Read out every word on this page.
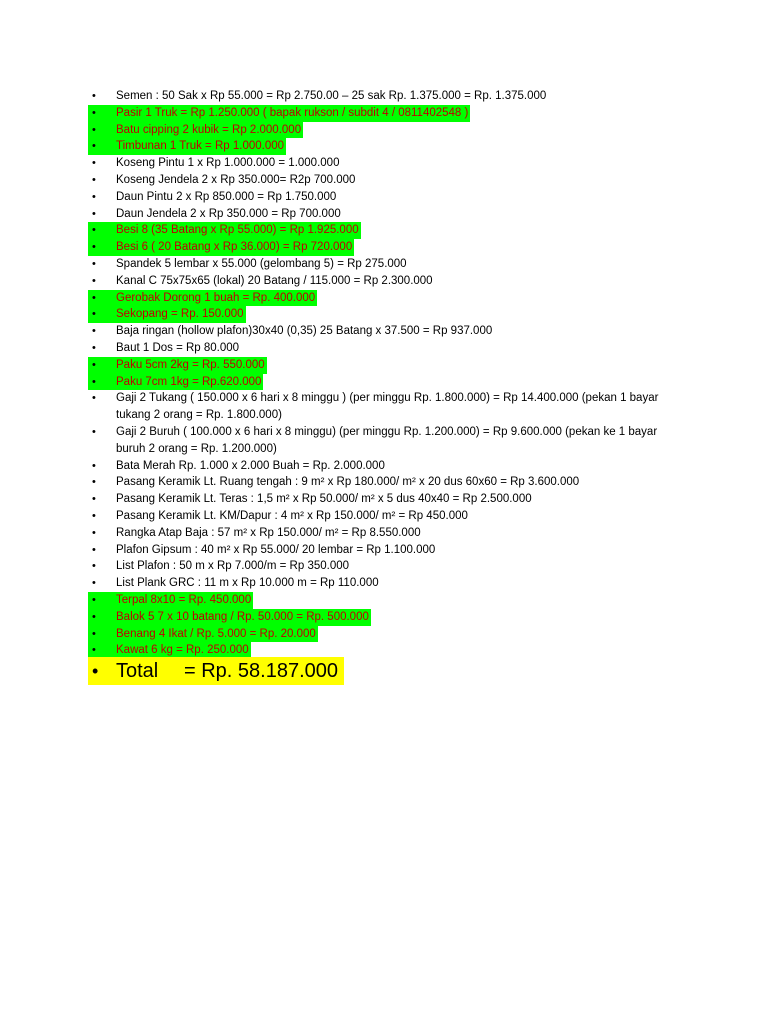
•	Semen : 50 Sak x Rp 55.000 = Rp 2.750.00 – 25 sak Rp. 1.375.000 = Rp. 1.375.000
•	Pasir 1 Truk = Rp 1.250.000 ( bapak rukson / subdit 4 / 0811402548 )
•	Batu cipping 2 kubik = Rp 2.000.000
•	Timbunan 1 Truk = Rp 1.000.000
•	Koseng Pintu 1 x Rp 1.000.000 = 1.000.000
•	Koseng Jendela 2 x Rp 350.000= R2p 700.000
•	Daun Pintu 2 x Rp 850.000 = Rp 1.750.000
•	Daun Jendela 2 x Rp 350.000 = Rp 700.000
•	Besi 8 (35 Batang x Rp 55.000) = Rp 1.925.000
•	Besi 6 ( 20 Batang x Rp 36.000) = Rp 720.000
•	Spandek 5 lembar x 55.000 (gelombang 5) = Rp 275.000
•	Kanal C 75x75x65 (lokal) 20 Batang / 115.000 = Rp 2.300.000
•	Gerobak Dorong 1 buah = Rp. 400.000
•	Sekopang = Rp. 150.000
•	Baja ringan (hollow plafon)30x40 (0,35) 25 Batang x 37.500 = Rp 937.000
•	Baut 1 Dos = Rp 80.000
•	Paku 5cm 2kg = Rp. 550.000
•	Paku 7cm 1kg = Rp.620.000
•	Gaji 2 Tukang ( 150.000 x 6 hari x 8 minggu ) (per minggu Rp. 1.800.000) = Rp 14.400.000 (pekan 1 bayar tukang 2 orang = Rp. 1.800.000)
•	Gaji 2 Buruh ( 100.000 x 6 hari x 8 minggu) (per minggu Rp. 1.200.000) = Rp 9.600.000 (pekan ke 1 bayar buruh 2 orang = Rp. 1.200.000)
•	Bata Merah Rp. 1.000 x 2.000 Buah = Rp. 2.000.000
•	Pasang Keramik Lt. Ruang tengah : 9 m² x Rp 180.000/ m² x 20 dus 60x60 = Rp 3.600.000
•	Pasang Keramik Lt. Teras : 1,5 m² x Rp 50.000/ m² x 5 dus 40x40 = Rp 2.500.000
•	Pasang Keramik Lt. KM/Dapur : 4 m² x Rp 150.000/ m² = Rp 450.000
•	Rangka Atap Baja : 57 m² x Rp 150.000/ m² = Rp 8.550.000
•	Plafon Gipsum : 40 m² x Rp 55.000/ 20 lembar = Rp 1.100.000
•	List Plafon : 50 m x Rp 7.000/m = Rp 350.000
•	List Plank GRC : 11 m x Rp 10.000 m = Rp 110.000
•	Terpal 8x10 = Rp. 450.000
•	Balok 5 7 x 10 batang / Rp. 50.000 = Rp. 500.000
•	Benang 4 Ikat / Rp. 5.000 = Rp. 20.000
•	Kawat 6 kg = Rp. 250.000
• Total = Rp. 58.187.000
